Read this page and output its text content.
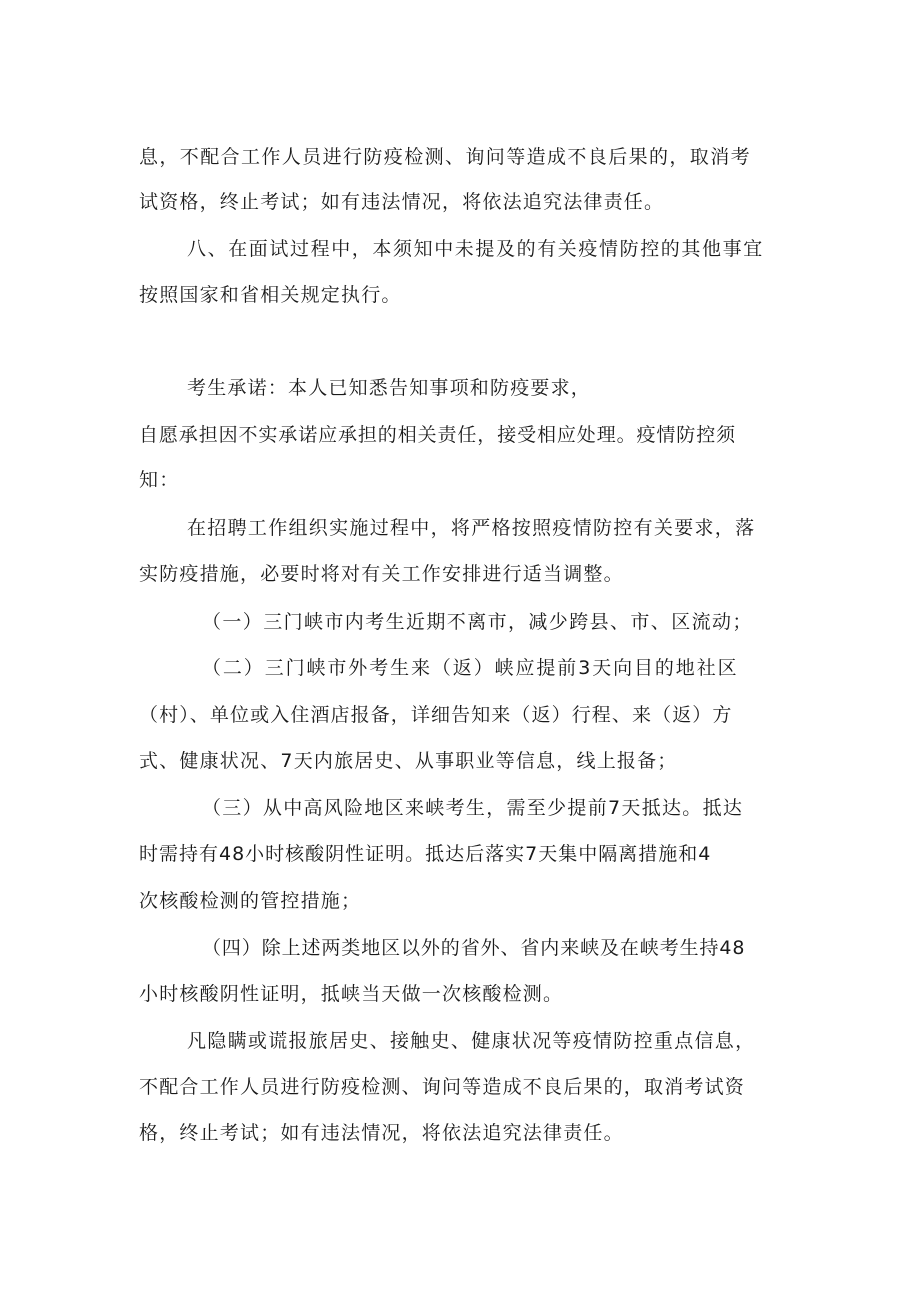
息，不配合工作人员进行防疫检测、询问等造成不良后果的，取消考

试资格，终止考试；如有违法情况，将依法追究法律责任。

八、在面试过程中，本须知中未提及的有关疫情防控的其他事宜

按照国家和省相关规定执行。

考生承诺：本人已知悉告知事项和防疫要求，

自愿承担因不实承诺应承担的相关责任，接受相应处理。疫情防控须

知：

在招聘工作组织实施过程中，将严格按照疫情防控有关要求，落

实防疫措施，必要时将对有关工作安排进行适当调整。

（一）三门峡市内考生近期不离市，减少跨县、市、区流动；

（二）三门峡市外考生来（返）峡应提前3天向目的地社区

（村）、单位或入住酒店报备，详细告知来（返）行程、来（返）方

式、健康状况、7天内旅居史、从事职业等信息，线上报备；

（三）从中高风险地区来峡考生，需至少提前7天抵达。抵达

时需持有48小时核酸阴性证明。抵达后落实7天集中隔离措施和4

次核酸检测的管控措施；

（四）除上述两类地区以外的省外、省内来峡及在峡考生持48

小时核酸阴性证明，抵峡当天做一次核酸检测。

凡隐瞒或谎报旅居史、接触史、健康状况等疫情防控重点信息，

不配合工作人员进行防疫检测、询问等造成不良后果的，取消考试资

格，终止考试；如有违法情况，将依法追究法律责任。
